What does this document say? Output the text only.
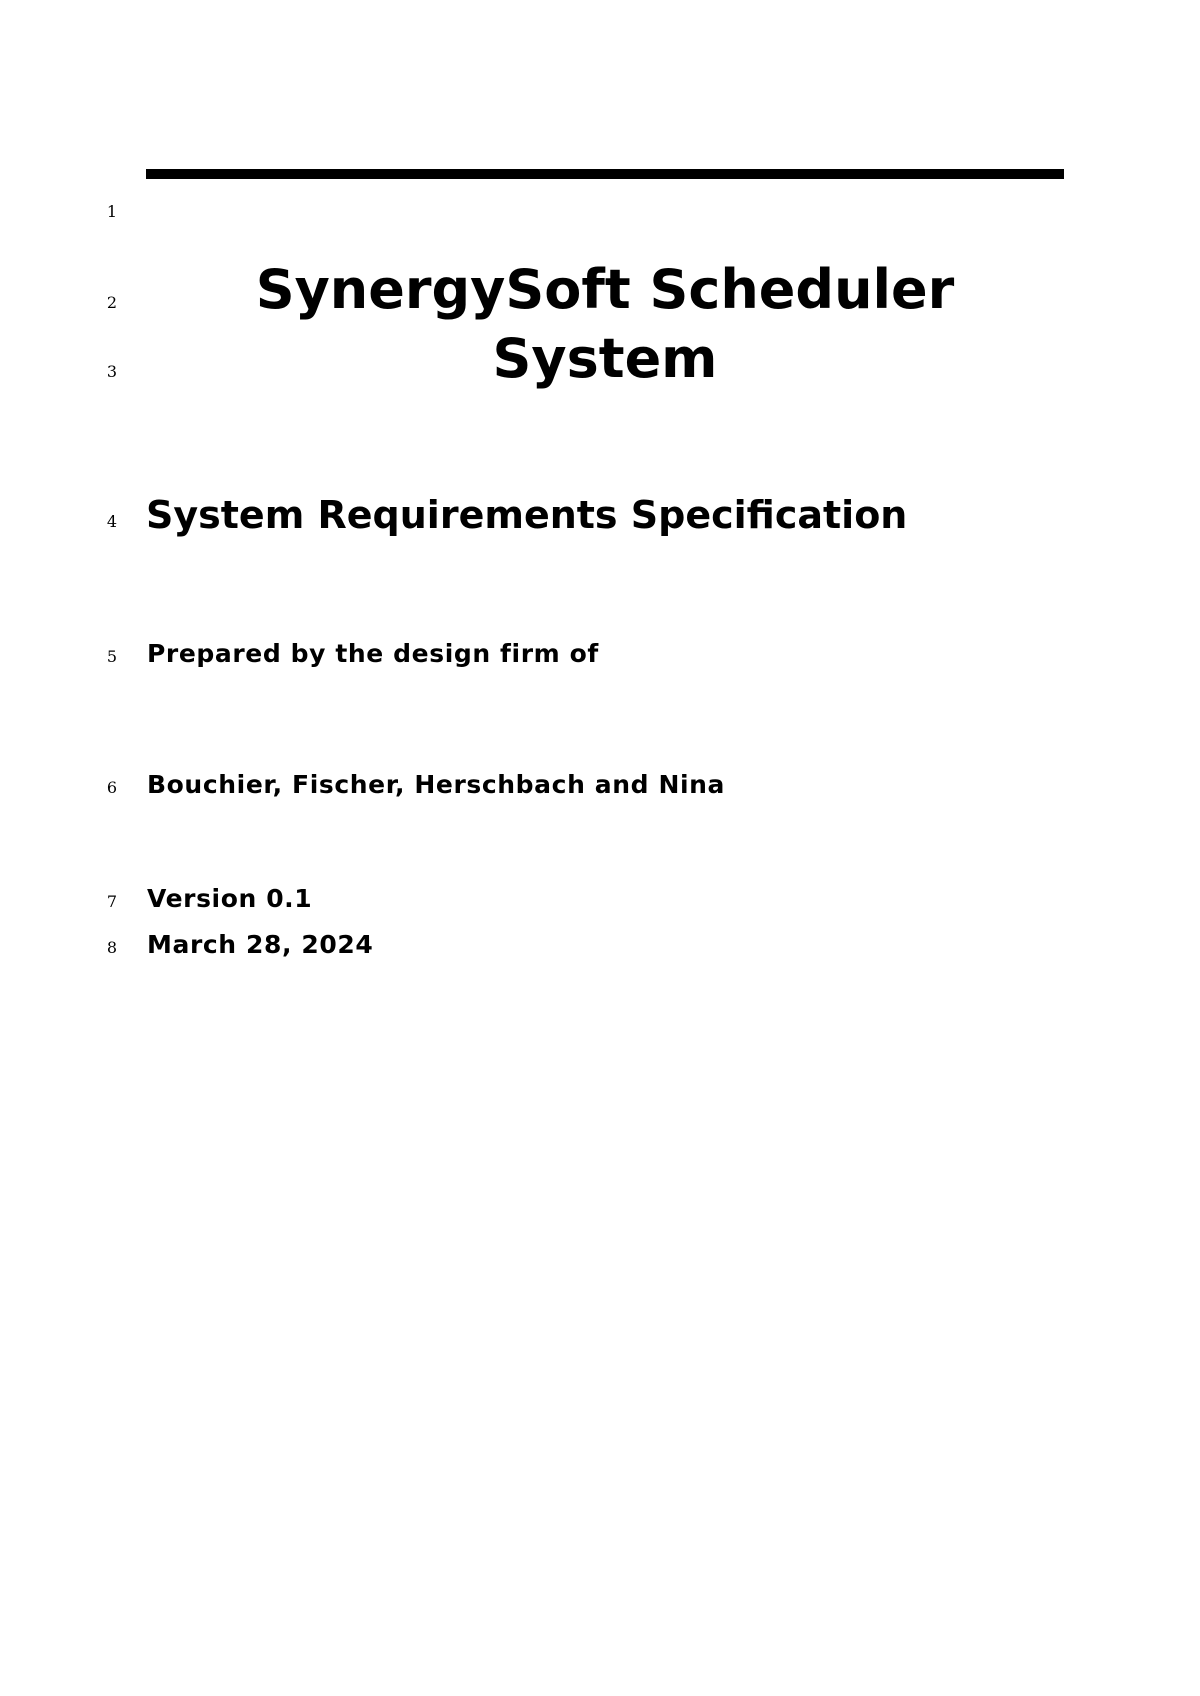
1
2
3
4
5
6
7
8
SynergySoft Scheduler
System
System Requirements Specification
Prepared by the design firm of
Bouchier, Fischer, Herschbach and Nina
Version 0.1
March 28, 2024
